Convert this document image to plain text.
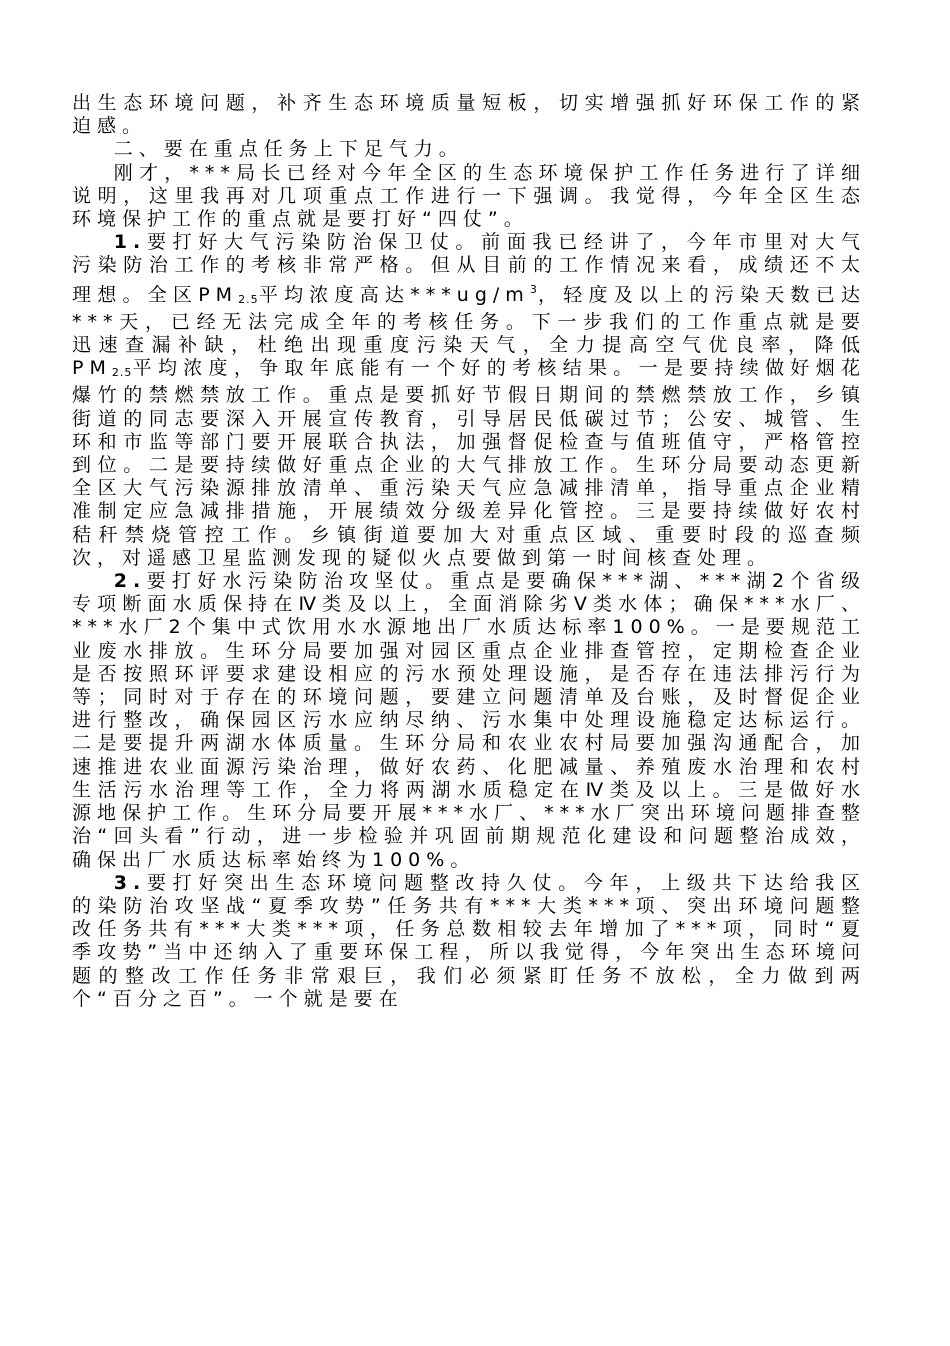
出生态环境问题，补齐生态环境质量短板，切实增强抓好环保工作的紧迫感。

二、要在重点任务上下足气力。

刚才，***局长已经对今年全区的生态环境保护工作任务进行了详细说明，这里我再对几项重点工作进行一下强调。我觉得，今年全区生态环境保护工作的重点就是要打好“四仗”。

1.要打好大气污染防治保卫仗。前面我已经讲了，今年市里对大气污染防治工作的考核非常严格。但从目前的工作情况来看，成绩还不太理想。全区PM2.5平均浓度高达$***ug/m^3$，轻度及以上的污染天数已达***天，已经无法完成全年的考核任务。下一步我们的工作重点就是要迅速查漏补缺，杜绝出现重度污染天气，全力提高空气优良率，降低PM2.5平均浓度，争取年底能有一个好的考核结果。一是要持续做好烟花爆竹的禁燃禁放工作。重点是要抓好节假日期间的禁燃禁放工作，乡镇街道的同志要深入开展宣传教育，引导居民低碳过节；公安、城管、生环和市监等部门要开展联合执法，加强督促检查与值班值守，严格管控到位。二是要持续做好重点企业的大气排放工作。生环分局要动态更新全区大气污染源排放清单、重污染天气应急减排清单，指导重点企业精准制定应急减排措施，开展绩效分级差异化管控。三是要持续做好农村秸秆禁烧管控工作。乡镇街道要加大对重点区域、重要时段的巡查频次，对遥感卫星监测发现的疑似火点要做到第一时间核查处理。

2.要打好水污染防治攻坚仗。重点是要确保***湖、***湖2个省级专项断面水质保持在Ⅳ类及以上，全面消除劣Ⅴ类水体；确保***水厂、***水厂2个集中式饮用水水源地出厂水质达标率100%。一是要规范工业废水排放。生环分局要加强对园区重点企业排查管控，定期检查企业是否按照环评要求建设相应的污水预处理设施，是否存在违法排污行为等；同时对于存在的环境问题，要建立问题清单及台账，及时督促企业进行整改，确保园区污水应纳尽纳、污水集中处理设施稳定达标运行。二是要提升两湖水体质量。生环分局和农业农村局要加强沟通配合，加速推进农业面源污染治理，做好农药、化肥减量、养殖废水治理和农村生活污水治理等工作，全力将两湖水质稳定在Ⅳ类及以上。三是做好水源地保护工作。生环分局要开展***水厂、***水厂突出环境问题排查整治“回头看”行动，进一步检验并巩固前期规范化建设和问题整治成效，确保出厂水质达标率始终为100%。

3.要打好突出生态环境问题整改持久仗。今年，上级共下达给我区的染防治攻坚战“夏季攻势”任务共有***大类***项、突出环境问题整改任务共有***大类***项，任务总数相较去年增加了***项，同时“夏季攻势”当中还纳入了重要环保工程，所以我觉得，今年突出生态环境问题的整改工作任务非常艰巨，我们必须紧盯任务不放松，全力做到两个“百分之百”。一个就是要在
